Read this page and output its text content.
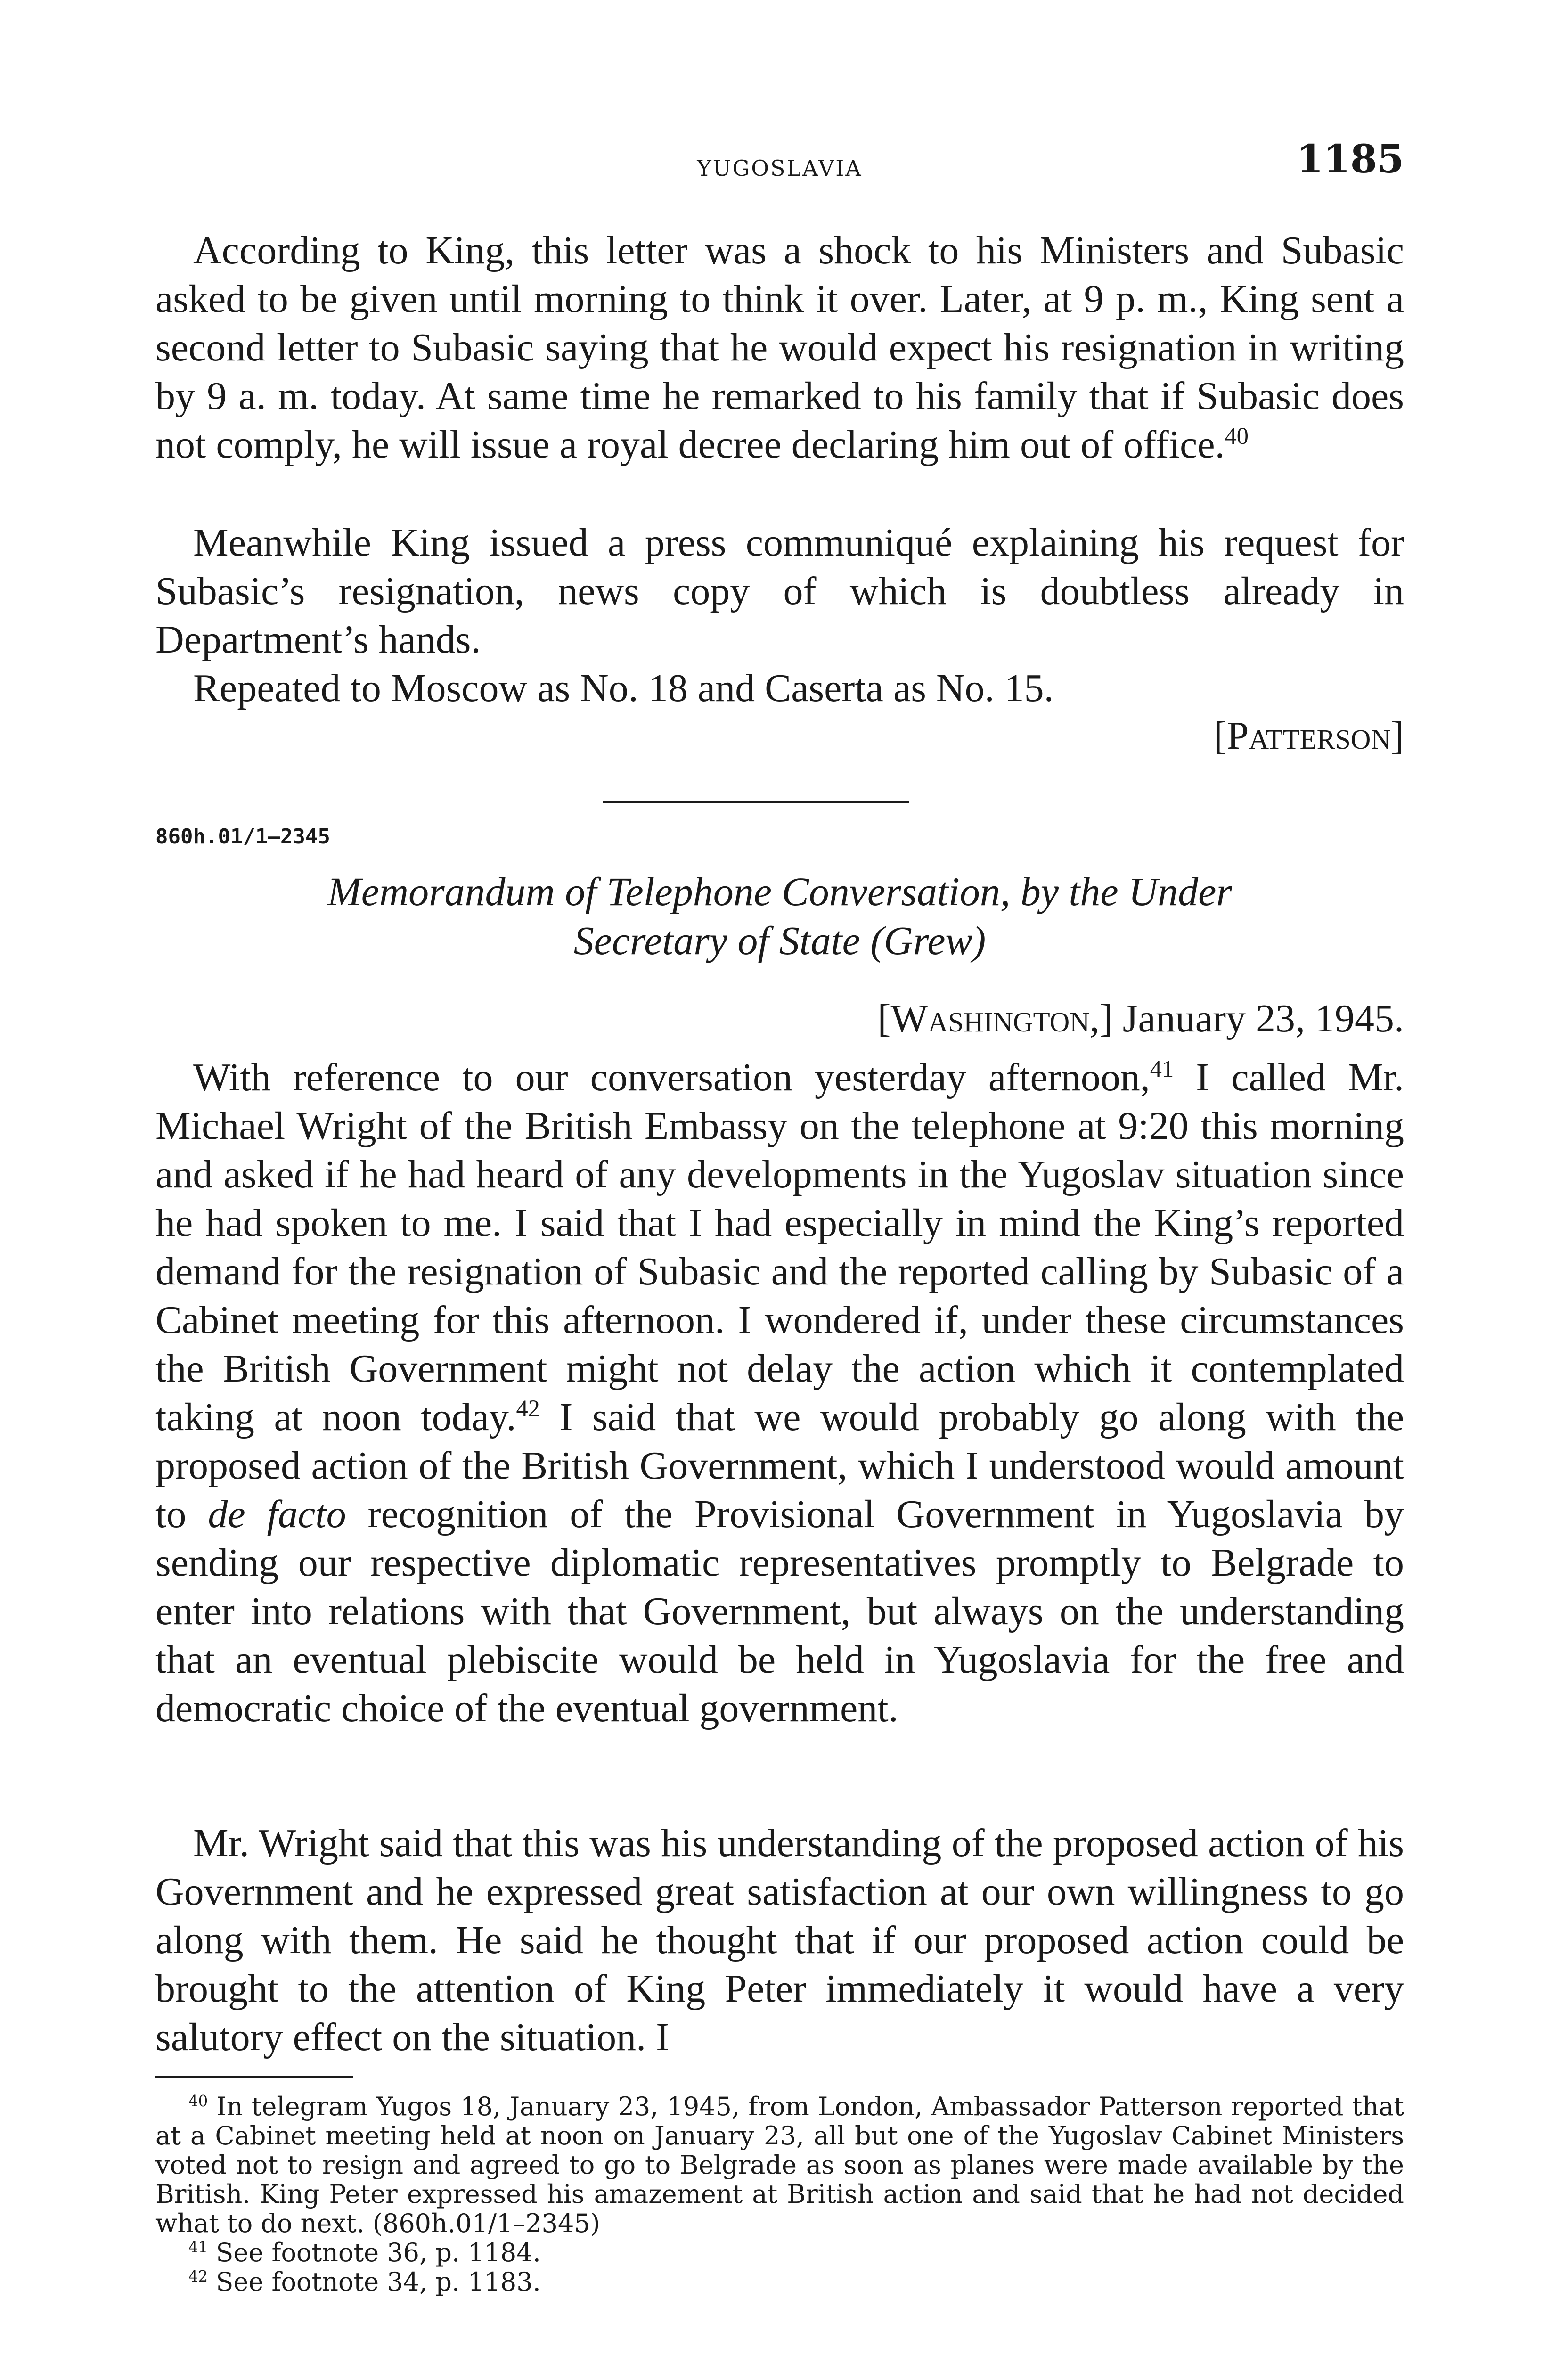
YUGOSLAVIA	1185

According to King, this letter was a shock to his Ministers and Subasic asked to be given until morning to think it over. Later, at 9 p. m., King sent a second letter to Subasic saying that he would expect his resignation in writing by 9 a. m. today. At same time he remarked to his family that if Subasic does not comply, he will issue a royal decree declaring him out of office.$^{40}$

Meanwhile King issued a press communiqué explaining his request for Subasic’s resignation, news copy of which is doubtless already in Department’s hands.

Repeated to Moscow as No. 18 and Caserta as No. 15.

[Patterson]
860h.01/1–2345
Memorandum of Telephone Conversation, by the Under
Secretary of State (Grew)
[Washington,] January 23, 1945.

With reference to our conversation yesterday afternoon,$^{41}$ I called Mr. Michael Wright of the British Embassy on the telephone at 9:20 this morning and asked if he had heard of any developments in the Yugoslav situation since he had spoken to me. I said that I had especially in mind the King’s reported demand for the resignation of Subasic and the reported calling by Subasic of a Cabinet meeting for this afternoon. I wondered if, under these circumstances the British Government might not delay the action which it contemplated taking at noon today.$^{42}$ I said that we would probably go along with the proposed action of the British Government, which I understood would amount to de facto recognition of the Provisional Government in Yugoslavia by sending our respective diplomatic representatives promptly to Belgrade to enter into relations with that Government, but always on the understanding that an eventual plebiscite would be held in Yugoslavia for the free and democratic choice of the eventual government.

Mr. Wright said that this was his understanding of the proposed action of his Government and he expressed great satisfaction at our own willingness to go along with them. He said he thought that if our proposed action could be brought to the attention of King Peter immediately it would have a very salutory effect on the situation. I

$^{40}$ In telegram Yugos 18, January 23, 1945, from London, Ambassador Patterson reported that at a Cabinet meeting held at noon on January 23, all but one of the Yugoslav Cabinet Ministers voted not to resign and agreed to go to Belgrade as soon as planes were made available by the British. King Peter expressed his amazement at British action and said that he had not decided what to do next. (860h.01/1–2345)

$^{41}$ See footnote 36, p. 1184.

$^{42}$ See footnote 34, p. 1183.
